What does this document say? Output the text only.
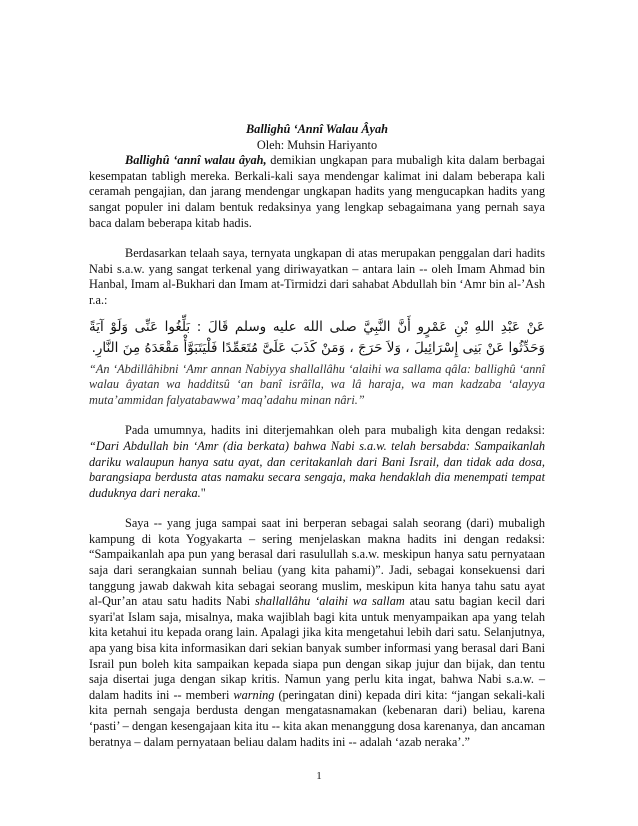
Ballighû ‘Annî Walau Âyah

Oleh: Muhsin Hariyanto

Ballighû ‘annî walau âyah, demikian ungkapan para mubaligh kita dalam berbagai kesempatan tabligh mereka. Berkali-kali saya mendengar kalimat ini dalam beberapa kali ceramah pengajian, dan jarang mendengar ungkapan hadits yang mengucapkan hadits yang sangat populer ini dalam bentuk redaksinya yang lengkap sebagaimana yang pernah saya baca dalam beberapa kitab hadis.

Berdasarkan telaah saya, ternyata ungkapan di atas merupakan penggalan dari hadits Nabi s.a.w. yang sangat terkenal yang diriwayatkan – antara lain -- oleh Imam Ahmad bin Hanbal, Imam al-Bukhari dan Imam at-Tirmidzi dari sahabat Abdullah bin ‘Amr bin al-’Ash r.a.:

عَنْ عَبْدِ اللهِ بْنِ عَمْرٍو أَنَّ النَّبِيَّ صلى الله عليه وسلم قَالَ : بَلِّغُوا عَنِّى وَلَوْ آيَةً وَحَدِّثُوا عَنْ بَنِى إِسْرَائِيلَ ، وَلاَ حَرَجَ ، وَمَنْ كَذَبَ عَلَىَّ مُتَعَمِّدًا فَلْيَتَبَوَّأْ مَقْعَدَهُ مِنَ النَّارِ.

“An ‘Abdillâhibni ‘Amr annan Nabiyya shallallâhu ‘alaihi wa sallama qâla: ballighû ‘annî walau âyatan wa hadditsû ‘an banî isrâîla, wa lâ haraja, wa man kadzaba ‘alayya muta’ammidan falyatabawwa’ maq’adahu minan nâri.”

Pada umumnya, hadits ini diterjemahkan oleh para mubaligh kita dengan redaksi: “Dari Abdullah bin ‘Amr (dia berkata) bahwa Nabi s.a.w. telah bersabda: Sampaikanlah dariku walaupun hanya satu ayat, dan ceritakanlah dari Bani Israil, dan tidak ada dosa, barangsiapa berdusta atas namaku secara sengaja, maka hendaklah dia menempati tempat duduknya dari neraka."

Saya -- yang juga sampai saat ini berperan sebagai salah seorang (dari) mubaligh kampung di kota Yogyakarta – sering menjelaskan makna hadits ini dengan redaksi: “Sampaikanlah apa pun yang berasal dari rasulullah s.a.w. meskipun hanya satu pernyataan saja dari serangkaian sunnah beliau (yang kita pahami)”. Jadi, sebagai konsekuensi dari tanggung jawab dakwah kita sebagai seorang muslim, meskipun kita hanya tahu satu ayat al-Qur’an atau satu hadits Nabi shallallâhu ‘alaihi wa sallam atau satu bagian kecil dari syari'at Islam saja, misalnya, maka wajiblah bagi kita untuk menyampaikan apa yang telah kita ketahui itu kepada orang lain. Apalagi jika kita mengetahui lebih dari satu. Selanjutnya, apa yang bisa kita informasikan dari sekian banyak sumber informasi yang berasal dari Bani Israil pun boleh kita sampaikan kepada siapa pun dengan sikap jujur dan bijak, dan tentu saja disertai juga dengan sikap kritis. Namun yang perlu kita ingat, bahwa Nabi s.a.w. – dalam hadits ini -- memberi warning (peringatan dini) kepada diri kita: “jangan sekali-kali kita pernah sengaja berdusta dengan mengatasnamakan (kebenaran dari) beliau, karena ‘pasti’ – dengan kesengajaan kita itu -- kita akan menanggung dosa karenanya, dan ancaman beratnya – dalam pernyataan beliau dalam hadits ini -- adalah ‘azab neraka’.”

1
